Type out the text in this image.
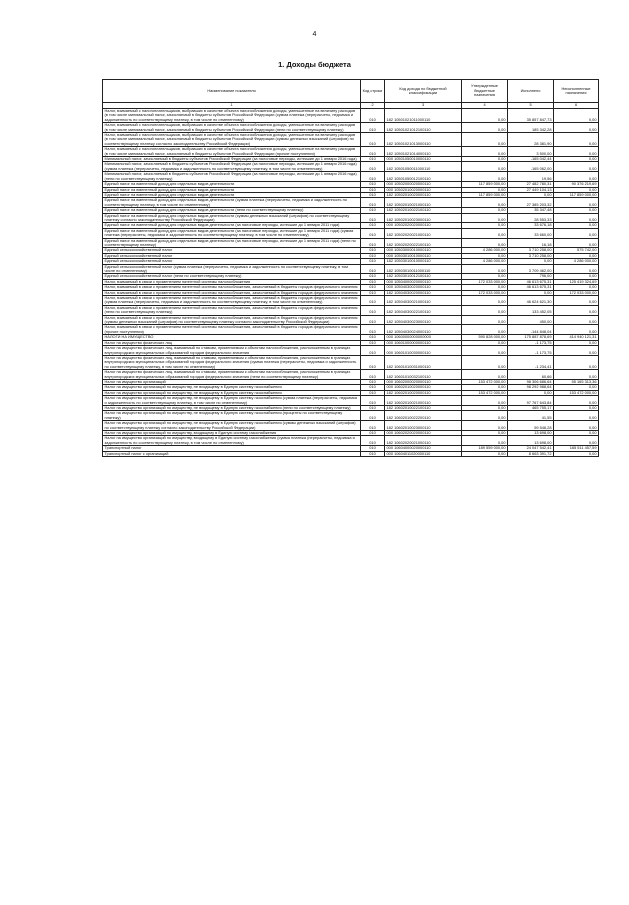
4
1. Доходы бюджета
Наименование показателя	Код строки	Код дохода по бюджетной классификации	Утвержденные бюджетные назначения	Исполнено	Неисполненные назначения
1	2	3	4	5	6
Налог, взимаемый с налогоплательщиков, выбравших в качестве объекта налогообложения доходы, уменьшенные на величину расходов (в том числе минимальный налог, зачисляемый в бюджеты субъектов Российской Федерации (сумма платежа (перерасчеты, недоимка и задолженность по соответствующему платежу, в том числе по отмененному)	010	182 10501021011000110	0,00	35 857 847,73	0,00
Налог, взимаемый с налогоплательщиков, выбравших в качестве объекта налогообложения доходы, уменьшенные на величину расходов (в том числе минимальный налог, зачисляемый в бюджеты субъектов Российской Федерации (пени по соответствующему платежу)	010	182 10501021012100110	0,00	185 342,28	0,00
Налог, взимаемый с налогоплательщиков, выбравших в качестве объекта налогообложения доходы, уменьшенные на величину расходов (в том числе минимальный налог, зачисляемый в бюджеты субъектов Российской Федерации (суммы денежных взысканий (штрафов) по соответствующему платежу согласно законодательству Российской Федерации)	010	182 10501021013000110	0,00	28 381,90	0,00
Налог, взимаемый с налогоплательщиков, выбравших в качестве объекта налогообложения доходы, уменьшенные на величину расходов (в том числе минимальный налог, зачисляемый в бюджеты субъектов Российской Федерации (прочие поступления)	010	182 10501021014000110	0,00	3 500,00	0,00
Минимальный налог, зачисляемый в бюджеты субъектов Российской Федерации (за налоговые периоды, истекшие до 1 января 2016 года)	010	000 10501050010000110	0,00	-165 042,44	0,00
Минимальный налог, зачисляемый в бюджеты субъектов Российской Федерации (за налоговые периоды, истекшие до 1 января 2016 года) (сумма платежа (перерасчеты, недоимка и задолженность по соответствующему платежу, в том числе по отмененному)	010	182 10501050011000110	0,00	-165 062,00	0,00
Минимальный налог, зачисляемый в бюджеты субъектов Российской Федерации (за налоговые периоды, истекшие до 1 января 2016 года) (пени по соответствующему платежу)	010	182 10501050012100110	0,00	19,56	0,00
Единый налог на вмененный доход для отдельных видов деятельности	010	000 10502000020000110	117 859 000,00	27 482 780,31	90 376 219,69
Единый налог на вмененный доход для отдельных видов деятельности	010	000 10502010020000110	0,00	27 449 104,13	0,00
Единый налог на вмененный доход для отдельных видов деятельности	010	182 10502010020000110	117 859 000,00	0,00	117 859 000,00
Единый налог на вмененный доход для отдельных видов деятельности (сумма платежа (перерасчеты, недоимка и задолженность по соответствующему платежу, в том числе по отмененному)	010	182 10502010021000110	0,00	27 385 203,32	0,00
Единый налог на вмененный доход для отдельных видов деятельности (пени по соответствующему платежу)	010	182 10502010022100110	0,00	35 347,48	0,00
Единый налог на вмененный доход для отдельных видов деятельности (суммы денежных взысканий (штрафов) по соответствующему платежу согласно законодательству Российской Федерации)	010	182 10502010023000110	0,00	28 553,33	0,00
Единый налог на вмененный доход для отдельных видов деятельности (за налоговые периоды, истекшие до 1 января 2011 года)	010	000 10502020020000110	0,00	33 676,18	0,00
Единый налог на вмененный доход для отдельных видов деятельности (за налоговые периоды, истекшие до 1 января 2011 года) (сумма платежа (перерасчеты, недоимка и задолженность по соответствующему платежу, в том числе по отмененному)	010	182 10502020021000110	0,00	33 660,00	0,00
Единый налог на вмененный доход для отдельных видов деятельности (за налоговые периоды, истекшие до 1 января 2011 года) (пени по соответствующему платежу)	010	182 10502020022100110	0,00	16,18	0,00
Единый сельскохозяйственный налог	010	000 10503000010000110	4 286 000,00	3 710 258,00	575 742,00
Единый сельскохозяйственный налог	010	000 10503010010000110	0,00	3 710 258,00	0,00
Единый сельскохозяйственный налог	010	182 10503010010000110	4 286 000,00	0,00	4 286 000,00
Единый сельскохозяйственный налог (сумма платежа (перерасчеты, недоимка и задолженность по соответствующему платежу, в том числе по отмененному)	010	182 10503010011000110	0,00	3 709 462,00	0,00
Единый сельскохозяйственный налог (пени по соответствующему платежу)	010	182 10503010012100110	0,00	796,00	0,00
Налог, взимаемый в связи с применением патентной системы налогообложения	010	000 10504000020000110	172 033 000,00	46 613 675,31	125 419 324,69
Налог, взимаемый в связи с применением патентной системы налогообложения, зачисляемый в бюджеты городов федерального значения	010	000 10504030020000110	0,00	46 613 675,31	0,00
Налог, взимаемый в связи с применением патентной системы налогообложения, зачисляемый в бюджеты городов федерального значения	010	182 10504030020000110	172 033 000,00	0,00	172 033 000,00
Налог, взимаемый в связи с применением патентной системы налогообложения, зачисляемый в бюджеты городов федерального значения (сумма платежа (перерасчеты, недоимка и задолженность по соответствующему платежу, в том числе по отмененному)	010	182 10504030021000110	0,00	46 624 621,30	0,00
Налог, взимаемый в связи с применением патентной системы налогообложения, зачисляемый в бюджеты городов федерального значения (пени по соответствующему платежу)	010	182 10504030022100110	0,00	133 452,05	0,00
Налог, взимаемый в связи с применением патентной системы налогообложения, зачисляемый в бюджеты городов федерального значения (суммы денежных взысканий (штрафов) по соответствующему платежу согласно законодательству Российской Федерации)	010	182 10504030023000110	0,00	450,00	0,00
Налог, взимаемый в связи с применением патентной системы налогообложения, зачисляемый в бюджеты городов федерального значения (прочие поступления)	010	182 10504030024000110	0,00	-144 848,04	0,00
НАЛОГИ НА ИМУЩЕСТВО	010	000 10600000000000000	590 828 000,00	175 887 878,69	414 940 121,31
Налог на имущество физических лиц	010	000 10601000000000110	0,00	-1 173,75	0,00
Налог на имущество физических лиц, взимаемый по ставкам, применяемым к объектам налогообложения, расположенным в границах внутригородских муниципальных образований городов федерального значения	010	000 10601010030000110	0,00	-1 173,75	0,00
Налог на имущество физических лиц, взимаемый по ставкам, применяемым к объектам налогообложения, расположенным в границах внутригородских муниципальных образований городов федерального значения (сумма платежа (перерасчеты, недоимка и задолженность по соответствующему платежу, в том числе по отмененному)	010	182 10601010031000110	0,00	-1 234,41	0,00
Налог на имущество физических лиц, взимаемый по ставкам, применяемым к объектам налогообложения, расположенным в границах внутригородских муниципальных образований городов федерального значения (пени по соответствующему платежу)	010	182 10601010032100110	0,00	60,66	0,00
Налог на имущество организаций	010	000 10602000020000110	153 472 000,00	98 306 686,64	55 165 313,36
Налог на имущество организаций по имуществу, не входящему в Единую систему газоснабжения	010	000 10602010020000110	0,00	98 292 988,64	0,00
Налог на имущество организаций по имуществу, не входящему в Единую систему газоснабжения	010	182 10602010020000110	153 472 000,00	0,00	153 472 000,00
Налог на имущество организаций по имуществу, не входящему в Единую систему газоснабжения (сумма платежа (перерасчеты, недоимка и задолженность по соответствующему платежу, в том числе по отмененному)	010	182 10602010021000110	0,00	97 767 643,84	0,00
Налог на имущество организаций по имуществу, не входящему в Единую систему газоснабжения (пени по соответствующему платежу)	010	182 10602010022100110	0,00	465 755,17	0,00
Налог на имущество организаций по имуществу, не входящему в Единую систему газоснабжения (проценты по соответствующему платежу)	010	182 10602010022200110	0,00	41,55	0,00
Налог на имущество организаций по имуществу, не входящему в Единую систему газоснабжения (суммы денежных взысканий (штрафов) по соответствующему платежу согласно законодательству Российской Федерации)	010	182 10602010023000110	0,00	59 548,28	0,00
Налог на имущество организаций по имуществу, входящему в Единую систему газоснабжения	010	000 10602020020000110	0,00	13 698,00	0,00
Налог на имущество организаций по имуществу, входящему в Единую систему газоснабжения (сумма платежа (перерасчеты, недоимка и задолженность по соответствующему платежу, в том числе по отмененному)	010	182 10602020021000110	0,00	13 698,00	0,00
Транспортный налог	010	000 10604000020000110	189 559 000,00	24 047 542,41	165 511 457,59
Транспортный налог с организаций	010	000 10604011020000110	0,00	8 663 391,72	0,00
